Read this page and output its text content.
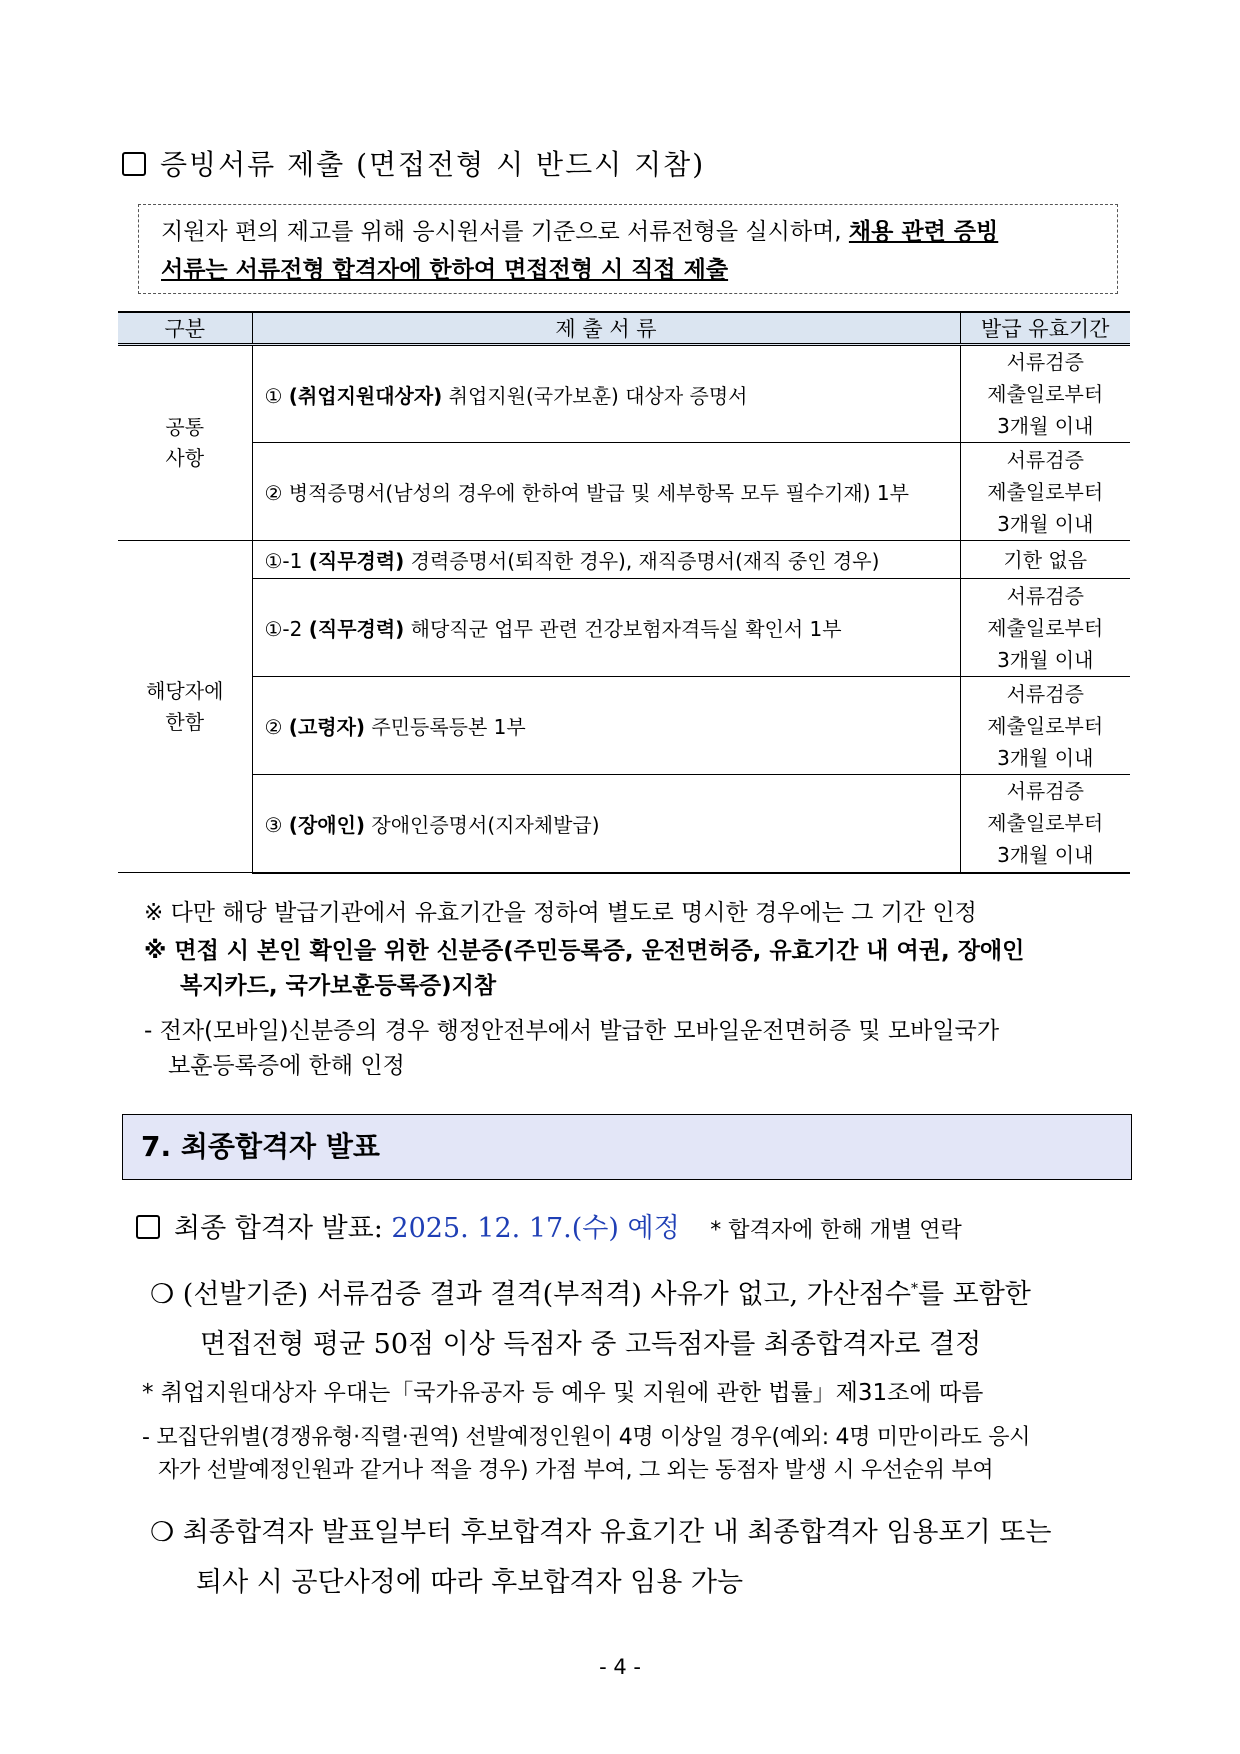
증빙서류 제출 (면접전형 시 반드시 지참)
지원자 편의 제고를 위해 응시원서를 기준으로 서류전형을 실시하며, 채용 관련 증빙
서류는 서류전형 합격자에 한하여 면접전형 시 직접 제출
구분	제 출 서 류	발급 유효기간
공통
사항	① (취업지원대상자) 취업지원(국가보훈) 대상자 증명서	서류검증
제출일로부터
3개월 이내
	② 병적증명서(남성의 경우에 한하여 발급 및 세부항목 모두 필수기재) 1부	서류검증
제출일로부터
3개월 이내
해당자에
한함	①-1 (직무경력) 경력증명서(퇴직한 경우), 재직증명서(재직 중인 경우)	기한 없음
	①-2 (직무경력) 해당직군 업무 관련 건강보험자격득실 확인서 1부	서류검증
제출일로부터
3개월 이내
	② (고령자) 주민등록등본 1부	서류검증
제출일로부터
3개월 이내
	③ (장애인) 장애인증명서(지자체발급)	서류검증
제출일로부터
3개월 이내
※ 다만 해당 발급기관에서 유효기간을 정하여 별도로 명시한 경우에는 그 기간 인정
※ 면접 시 본인 확인을 위한 신분증(주민등록증, 운전면허증, 유효기간 내 여권, 장애인
복지카드, 국가보훈등록증)지참
- 전자(모바일)신분증의 경우 행정안전부에서 발급한 모바일운전면허증 및 모바일국가
보훈등록증에 한해 인정
7. 최종합격자 발표
최종 합격자 발표: 2025. 12. 17.(수) 예정 * 합격자에 한해 개별 연락
❍ (선발기준) 서류검증 결과 결격(부적격) 사유가 없고, 가산점수*를 포함한
면접전형 평균 50점 이상 득점자 중 고득점자를 최종합격자로 결정
* 취업지원대상자 우대는「국가유공자 등 예우 및 지원에 관한 법률」제31조에 따름
- 모집단위별(경쟁유형·직렬·권역) 선발예정인원이 4명 이상일 경우(예외: 4명 미만이라도 응시
자가 선발예정인원과 같거나 적을 경우) 가점 부여, 그 외는 동점자 발생 시 우선순위 부여
❍ 최종합격자 발표일부터 후보합격자 유효기간 내 최종합격자 임용포기 또는
퇴사 시 공단사정에 따라 후보합격자 임용 가능
- 4 -
